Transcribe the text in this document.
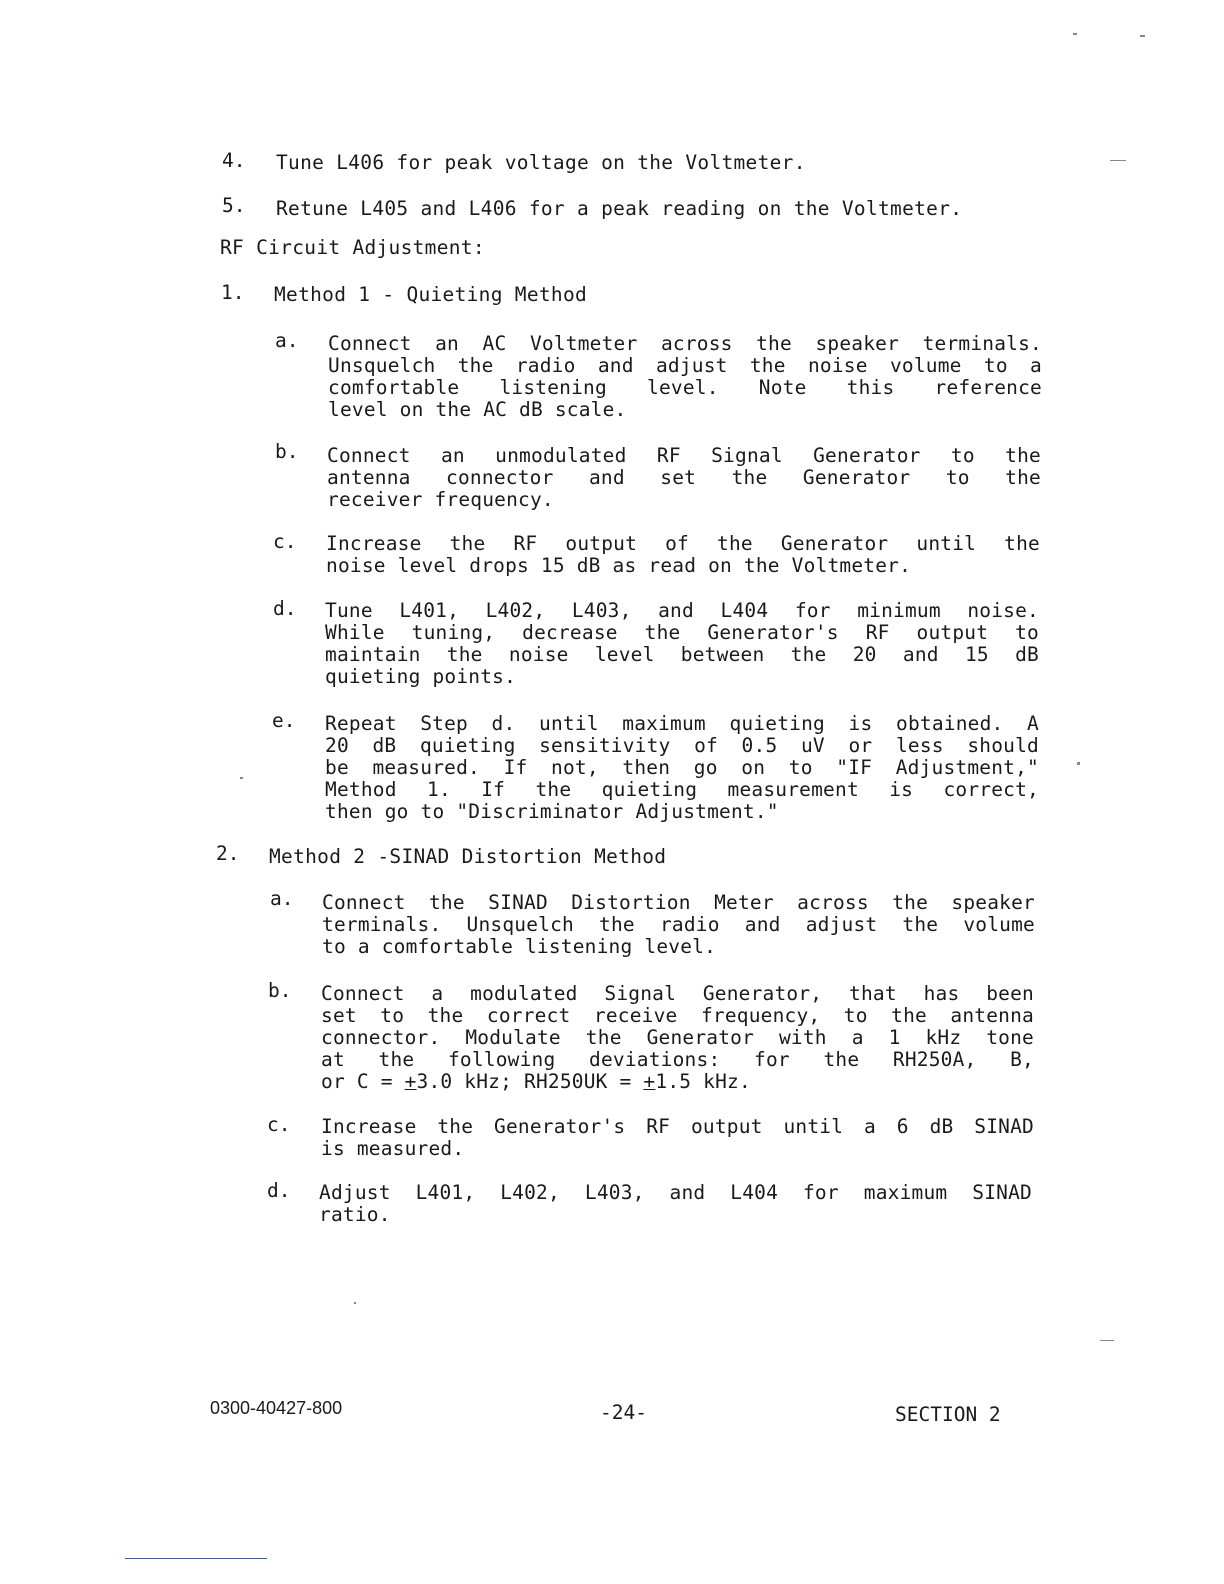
4. Tune L406 for peak voltage on the Voltmeter.
5. Retune L405 and L406 for a peak reading on the Voltmeter.
RF Circuit Adjustment:
1. Method 1 - Quieting Method
a. Connect an AC Voltmeter across the speaker terminals.
Unsquelch the radio and adjust the noise volume to a
comfortable listening level. Note this reference
level on the AC dB scale.
b. Connect an unmodulated RF Signal Generator to the
antenna connector and set the Generator to the
receiver frequency.
c. Increase the RF output of the Generator until the
noise level drops 15 dB as read on the Voltmeter.
d. Tune L401, L402, L403, and L404 for minimum noise.
While tuning, decrease the Generator's RF output to
maintain the noise level between the 20 and 15 dB
quieting points.
e. Repeat Step d. until maximum quieting is obtained. A
20 dB quieting sensitivity of 0.5 uV or less should
be measured. If not, then go on to "IF Adjustment,"
Method 1. If the quieting measurement is correct,
then go to "Discriminator Adjustment."
2. Method 2 -SINAD Distortion Method
a. Connect the SINAD Distortion Meter across the speaker
terminals. Unsquelch the radio and adjust the volume
to a comfortable listening level.
b. Connect a modulated Signal Generator, that has been
set to the correct receive frequency, to the antenna
connector. Modulate the Generator with a 1 kHz tone
at the following deviations: for the RH250A, B,
or C = +3.0 kHz; RH250UK = +1.5 kHz.
c. Increase the Generator's RF output until a 6 dB SINAD
is measured.
d. Adjust L401, L402, L403, and L404 for maximum SINAD
ratio.
0300-40427-800	-24-	SECTION 2
